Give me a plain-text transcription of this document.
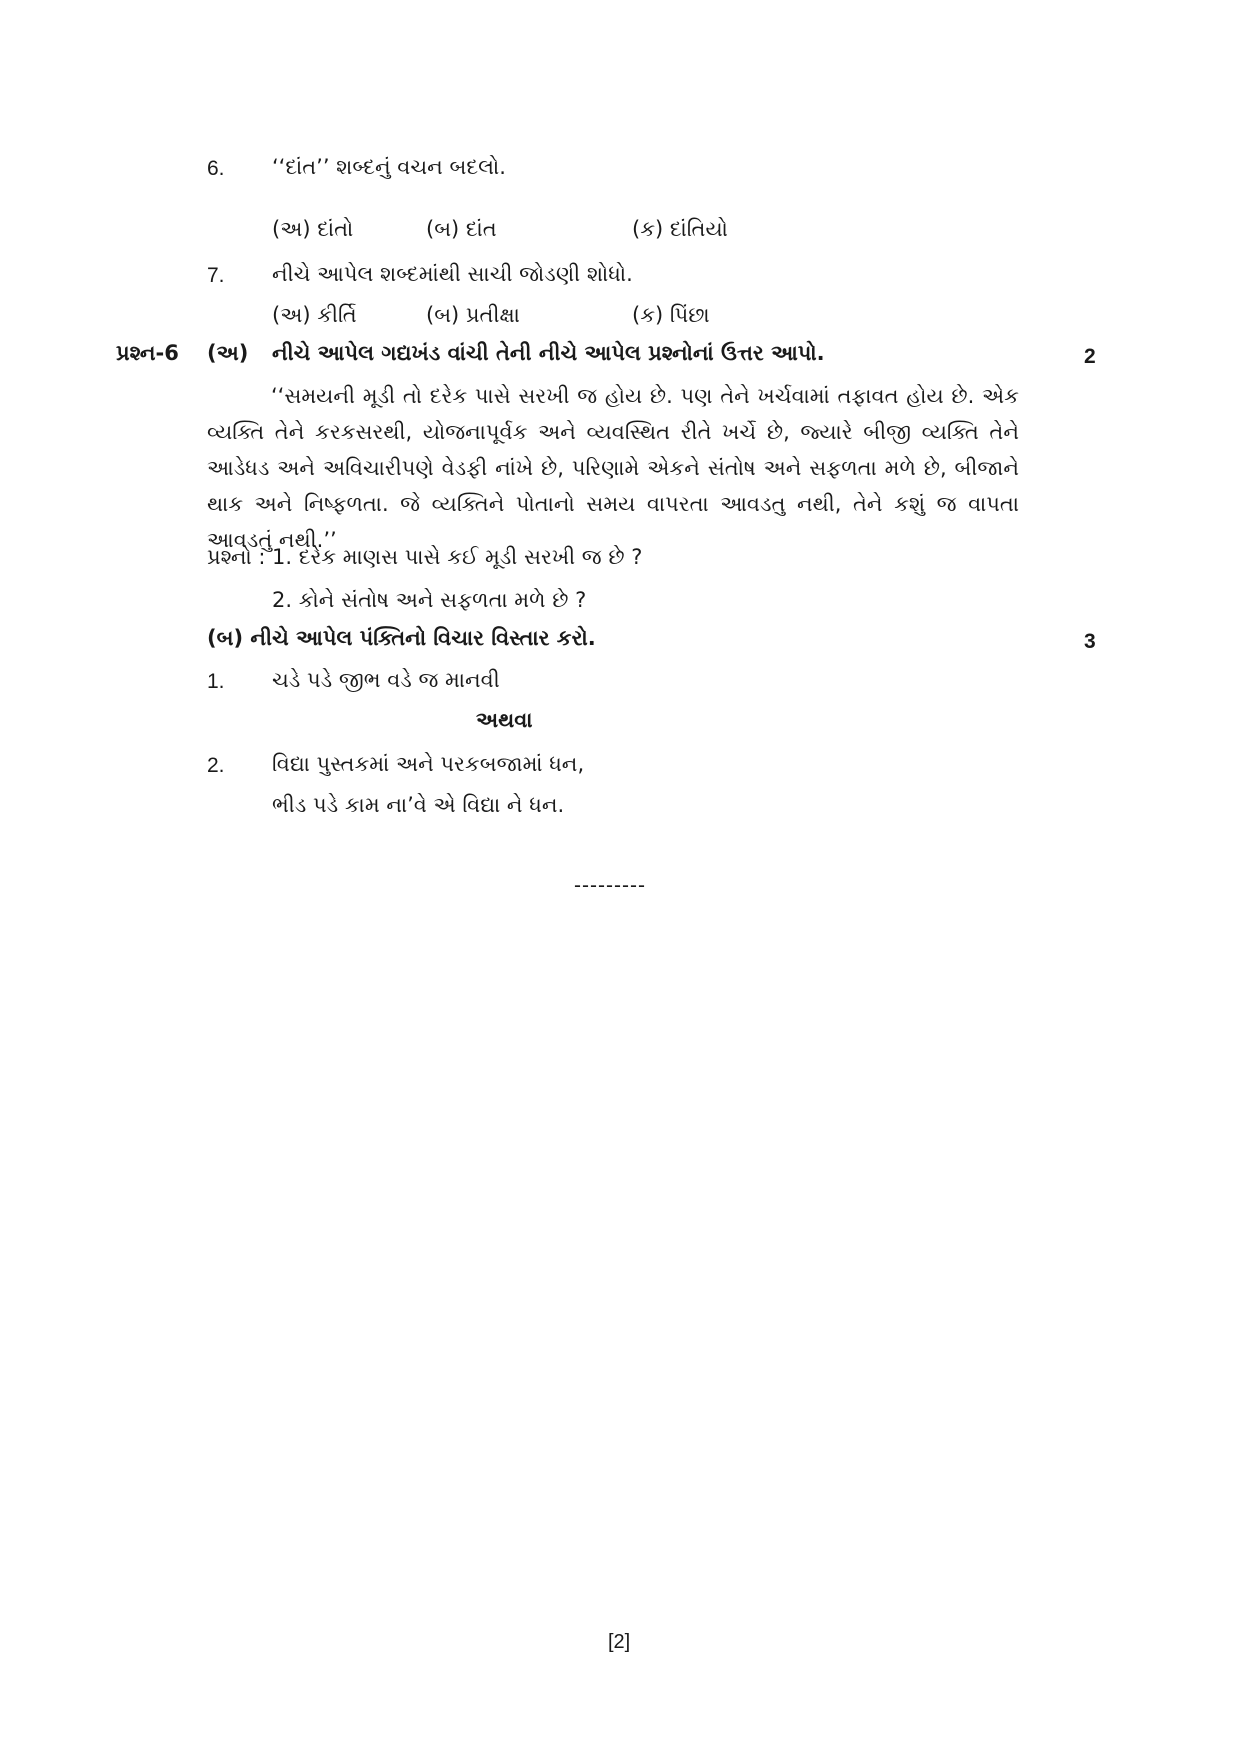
6. ‘‘દાંત’’ શબ્દનું વચન બદલો.
(અ) દાંતો	(બ) દાંત	(ક) દાંતિયો
7. નીચે આપેલ શબ્દમાંથી સાચી જોડણી શોધો.
(અ) કીર્તિ	(બ) પ્રતીક્ષા	(ક) પિંછા
પ્રશ્ન-6 (અ) નીચે આપેલ ગદ્યખંડ વાંચી તેની નીચે આપેલ પ્રશ્નોનાં ઉત્તર આપો.	2
‘‘સમયની મૂડી તો દરેક પાસે સરખી જ હોય છે. પણ તેને ખર્ચવામાં તફાવત હોય છે. એક વ્યક્તિ તેને કરકસરથી, યોજનાપૂર્વક અને વ્યવસ્થિત રીતે ખર્ચે છે, જ્યારે બીજી વ્યક્તિ તેને આડેધડ અને અવિચારીપણે વેડફી નાંખે છે, પરિણામે એકને સંતોષ અને સફળતા મળે છે, બીજાને થાક અને નિષ્ફળતા. જે વ્યક્તિને પોતાનો સમય વાપરતા આવડતુ નથી, તેને કશું જ વાપતા આવડતું નથી.’’
પ્રશ્નો : 1. દરેક માણસ પાસે કઈ મૂડી સરખી જ છે ?
2. કોને સંતોષ અને સફળતા મળે છે ?
(બ) નીચે આપેલ પંક્તિનો વિચાર વિસ્તાર કરો.	3
1. ચડે પડે જીભ વડે જ માનવી
અથવા
2. વિદ્યા પુસ્તકમાં અને પરકબજામાં ધન,
ભીડ પડે કામ ના’વે એ વિદ્યા ને ધન.
---------
[2]
